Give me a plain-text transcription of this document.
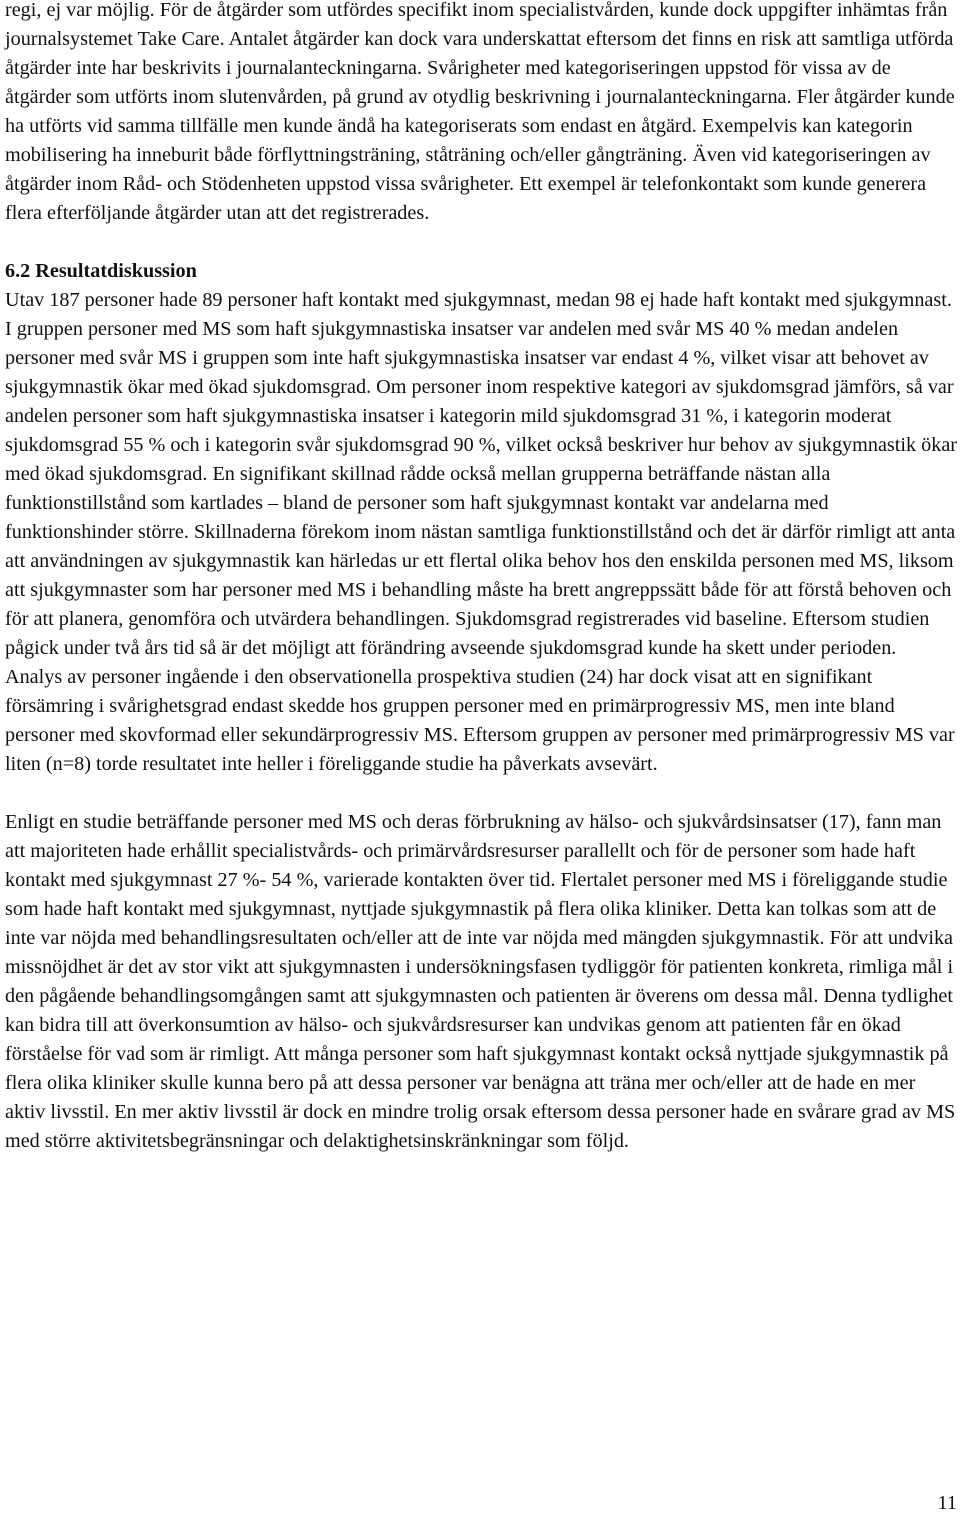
regi, ej var möjlig. För de åtgärder som utfördes specifikt inom specialistvården, kunde dock uppgifter inhämtas från journalsystemet Take Care. Antalet åtgärder kan dock vara underskattat eftersom det finns en risk att samtliga utförda åtgärder inte har beskrivits i journalanteckningarna. Svårigheter med kategoriseringen uppstod för vissa av de åtgärder som utförts inom slutenvården, på grund av otydlig beskrivning i journalanteckningarna. Fler åtgärder kunde ha utförts vid samma tillfälle men kunde ändå ha kategoriserats som endast en åtgärd. Exempelvis kan kategorin mobilisering ha inneburit både förflyttningsträning, ståträning och/eller gångträning. Även vid kategoriseringen av åtgärder inom Råd- och Stödenheten uppstod vissa svårigheter. Ett exempel är telefonkontakt som kunde generera flera efterföljande åtgärder utan att det registrerades.

6.2 Resultatdiskussion

Utav 187 personer hade 89 personer haft kontakt med sjukgymnast, medan 98 ej hade haft kontakt med sjukgymnast. I gruppen personer med MS som haft sjukgymnastiska insatser var andelen med svår MS 40 % medan andelen personer med svår MS i gruppen som inte haft sjukgymnastiska insatser var endast 4 %, vilket visar att behovet av sjukgymnastik ökar med ökad sjukdomsgrad. Om personer inom respektive kategori av sjukdomsgrad jämförs, så var andelen personer som haft sjukgymnastiska insatser i kategorin mild sjukdomsgrad 31 %, i kategorin moderat sjukdomsgrad 55 % och i kategorin svår sjukdomsgrad 90 %, vilket också beskriver hur behov av sjukgymnastik ökar med ökad sjukdomsgrad. En signifikant skillnad rådde också mellan grupperna beträffande nästan alla funktionstillstånd som kartlades – bland de personer som haft sjukgymnast kontakt var andelarna med funktionshinder större. Skillnaderna förekom inom nästan samtliga funktionstillstånd och det är därför rimligt att anta att användningen av sjukgymnastik kan härledas ur ett flertal olika behov hos den enskilda personen med MS, liksom att sjukgymnaster som har personer med MS i behandling måste ha brett angreppssätt både för att förstå behoven och för att planera, genomföra och utvärdera behandlingen. Sjukdomsgrad registrerades vid baseline. Eftersom studien pågick under två års tid så är det möjligt att förändring avseende sjukdomsgrad kunde ha skett under perioden. Analys av personer ingående i den observationella prospektiva studien (24) har dock visat att en signifikant försämring i svårighetsgrad endast skedde hos gruppen personer med en primärprogressiv MS, men inte bland personer med skovformad eller sekundärprogressiv MS. Eftersom gruppen av personer med primärprogressiv MS var liten (n=8) torde resultatet inte heller i föreliggande studie ha påverkats avsevärt.

Enligt en studie beträffande personer med MS och deras förbrukning av hälso- och sjukvårdsinsatser (17), fann man att majoriteten hade erhållit specialistvårds- och primärvårdsresurser parallellt och för de personer som hade haft kontakt med sjukgymnast 27 %- 54 %, varierade kontakten över tid. Flertalet personer med MS i föreliggande studie som hade haft kontakt med sjukgymnast, nyttjade sjukgymnastik på flera olika kliniker. Detta kan tolkas som att de inte var nöjda med behandlingsresultaten och/eller att de inte var nöjda med mängden sjukgymnastik. För att undvika missnöjdhet är det av stor vikt att sjukgymnasten i undersökningsfasen tydliggör för patienten konkreta, rimliga mål i den pågående behandlingsomgången samt att sjukgymnasten och patienten är överens om dessa mål. Denna tydlighet kan bidra till att överkonsumtion av hälso- och sjukvårdsresurser kan undvikas genom att patienten får en ökad förståelse för vad som är rimligt. Att många personer som haft sjukgymnast kontakt också nyttjade sjukgymnastik på flera olika kliniker skulle kunna bero på att dessa personer var benägna att träna mer och/eller att de hade en mer aktiv livsstil. En mer aktiv livsstil är dock en mindre trolig orsak eftersom dessa personer hade en svårare grad av MS med större aktivitetsbegränsningar och delaktighetsinskränkningar som följd.

11
